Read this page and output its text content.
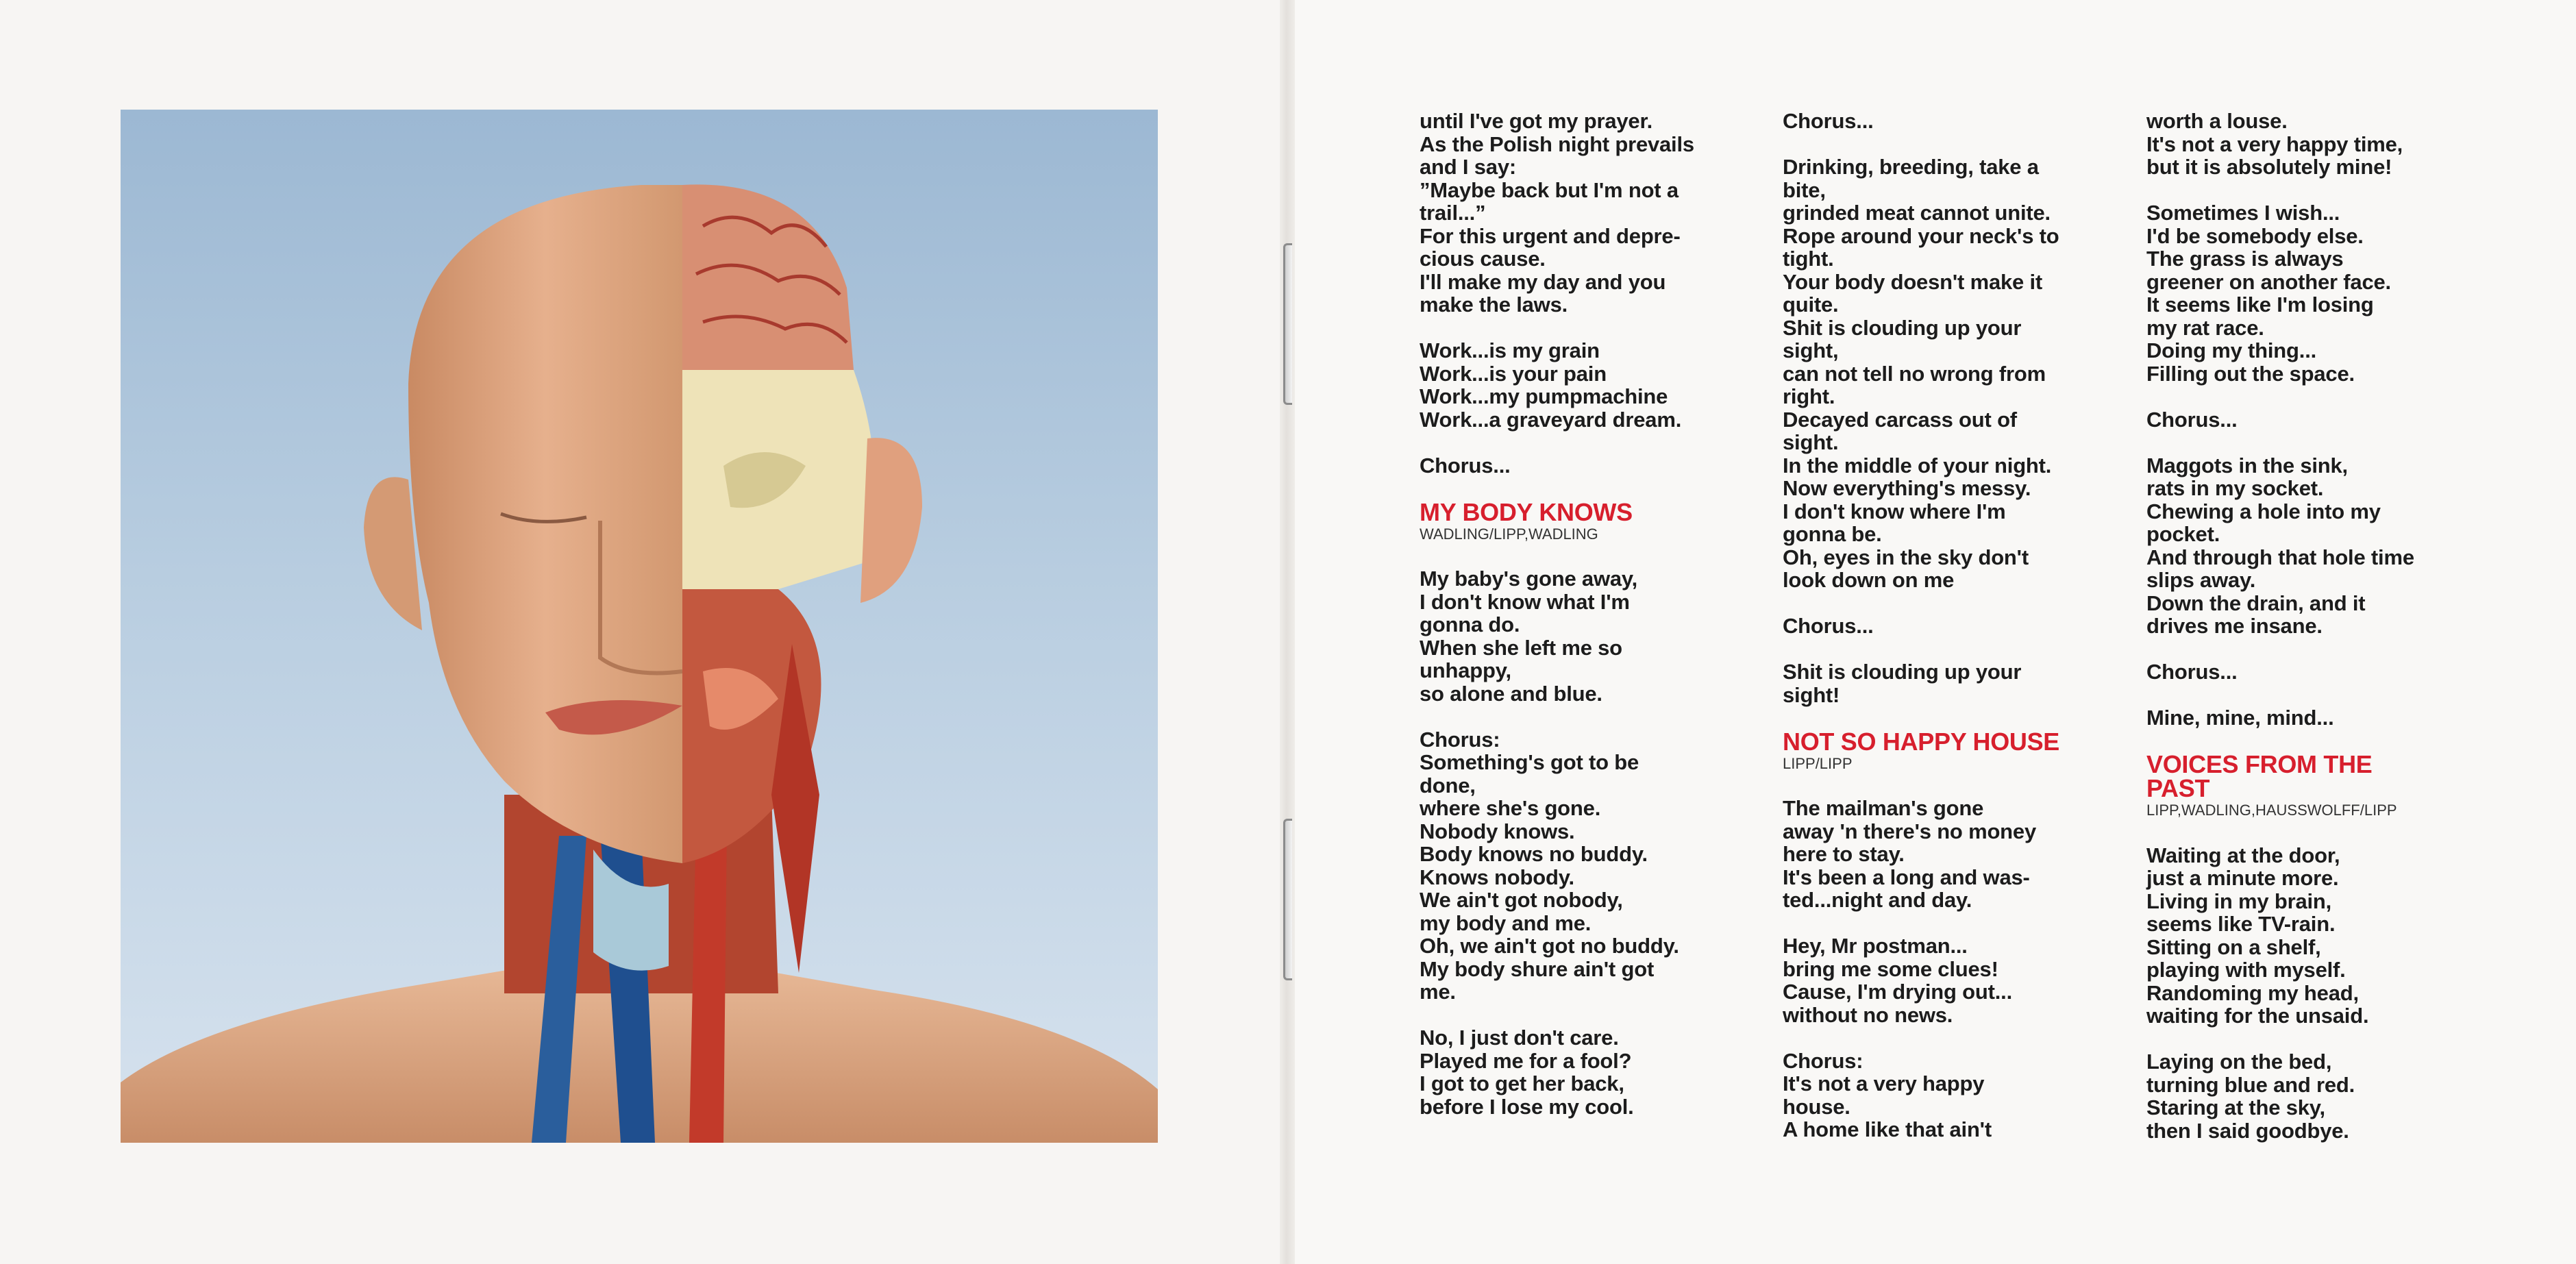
until I've got my prayer.
As the Polish night prevails
and I say:
”Maybe back but I'm not a
trail...”
For this urgent and depre-
cious cause.
I'll make my day and you
make the laws.
Work...is my grain
Work...is your pain
Work...my pumpmachine
Work...a graveyard dream.
Chorus...
MY BODY KNOWS
WADLING/LIPP,WADLING
My baby's gone away,
I don't know what I'm
gonna do.
When she left me so
unhappy,
so alone and blue.
Chorus:
Something's got to be
done,
where she's gone.
Nobody knows.
Body knows no buddy.
Knows nobody.
We ain't got nobody,
my body and me.
Oh, we ain't got no buddy.
My body shure ain't got
me.
No, I just don't care.
Played me for a fool?
I got to get her back,
before I lose my cool.
Chorus...
Drinking, breeding, take a
bite,
grinded meat cannot unite.
Rope around your neck's to
tight.
Your body doesn't make it
quite.
Shit is clouding up your
sight,
can not tell no wrong from
right.
Decayed carcass out of
sight.
In the middle of your night.
Now everything's messy.
I don't know where I'm
gonna be.
Oh, eyes in the sky don't
look down on me
Chorus...
Shit is clouding up your
sight!
NOT SO HAPPY HOUSE
LIPP/LIPP
The mailman's gone
away 'n there's no money
here to stay.
It's been a long and was-
ted...night and day.
Hey, Mr postman...
bring me some clues!
Cause, I'm drying out...
without no news.
Chorus:
It's not a very happy
house.
A home like that ain't
worth a louse.
It's not a very happy time,
but it is absolutely mine!
Sometimes I wish...
I'd be somebody else.
The grass is always
greener on another face.
It seems like I'm losing
my rat race.
Doing my thing...
Filling out the space.
Chorus...
Maggots in the sink,
rats in my socket.
Chewing a hole into my
pocket.
And through that hole time
slips away.
Down the drain, and it
drives me insane.
Chorus...
Mine, mine, mind...
VOICES FROM THE PAST
LIPP,WADLING,HAUSSWOLFF/LIPP
Waiting at the door,
just a minute more.
Living in my brain,
seems like TV-rain.
Sitting on a shelf,
playing with myself.
Randoming my head,
waiting for the unsaid.
Laying on the bed,
turning blue and red.
Staring at the sky,
then I said goodbye.
